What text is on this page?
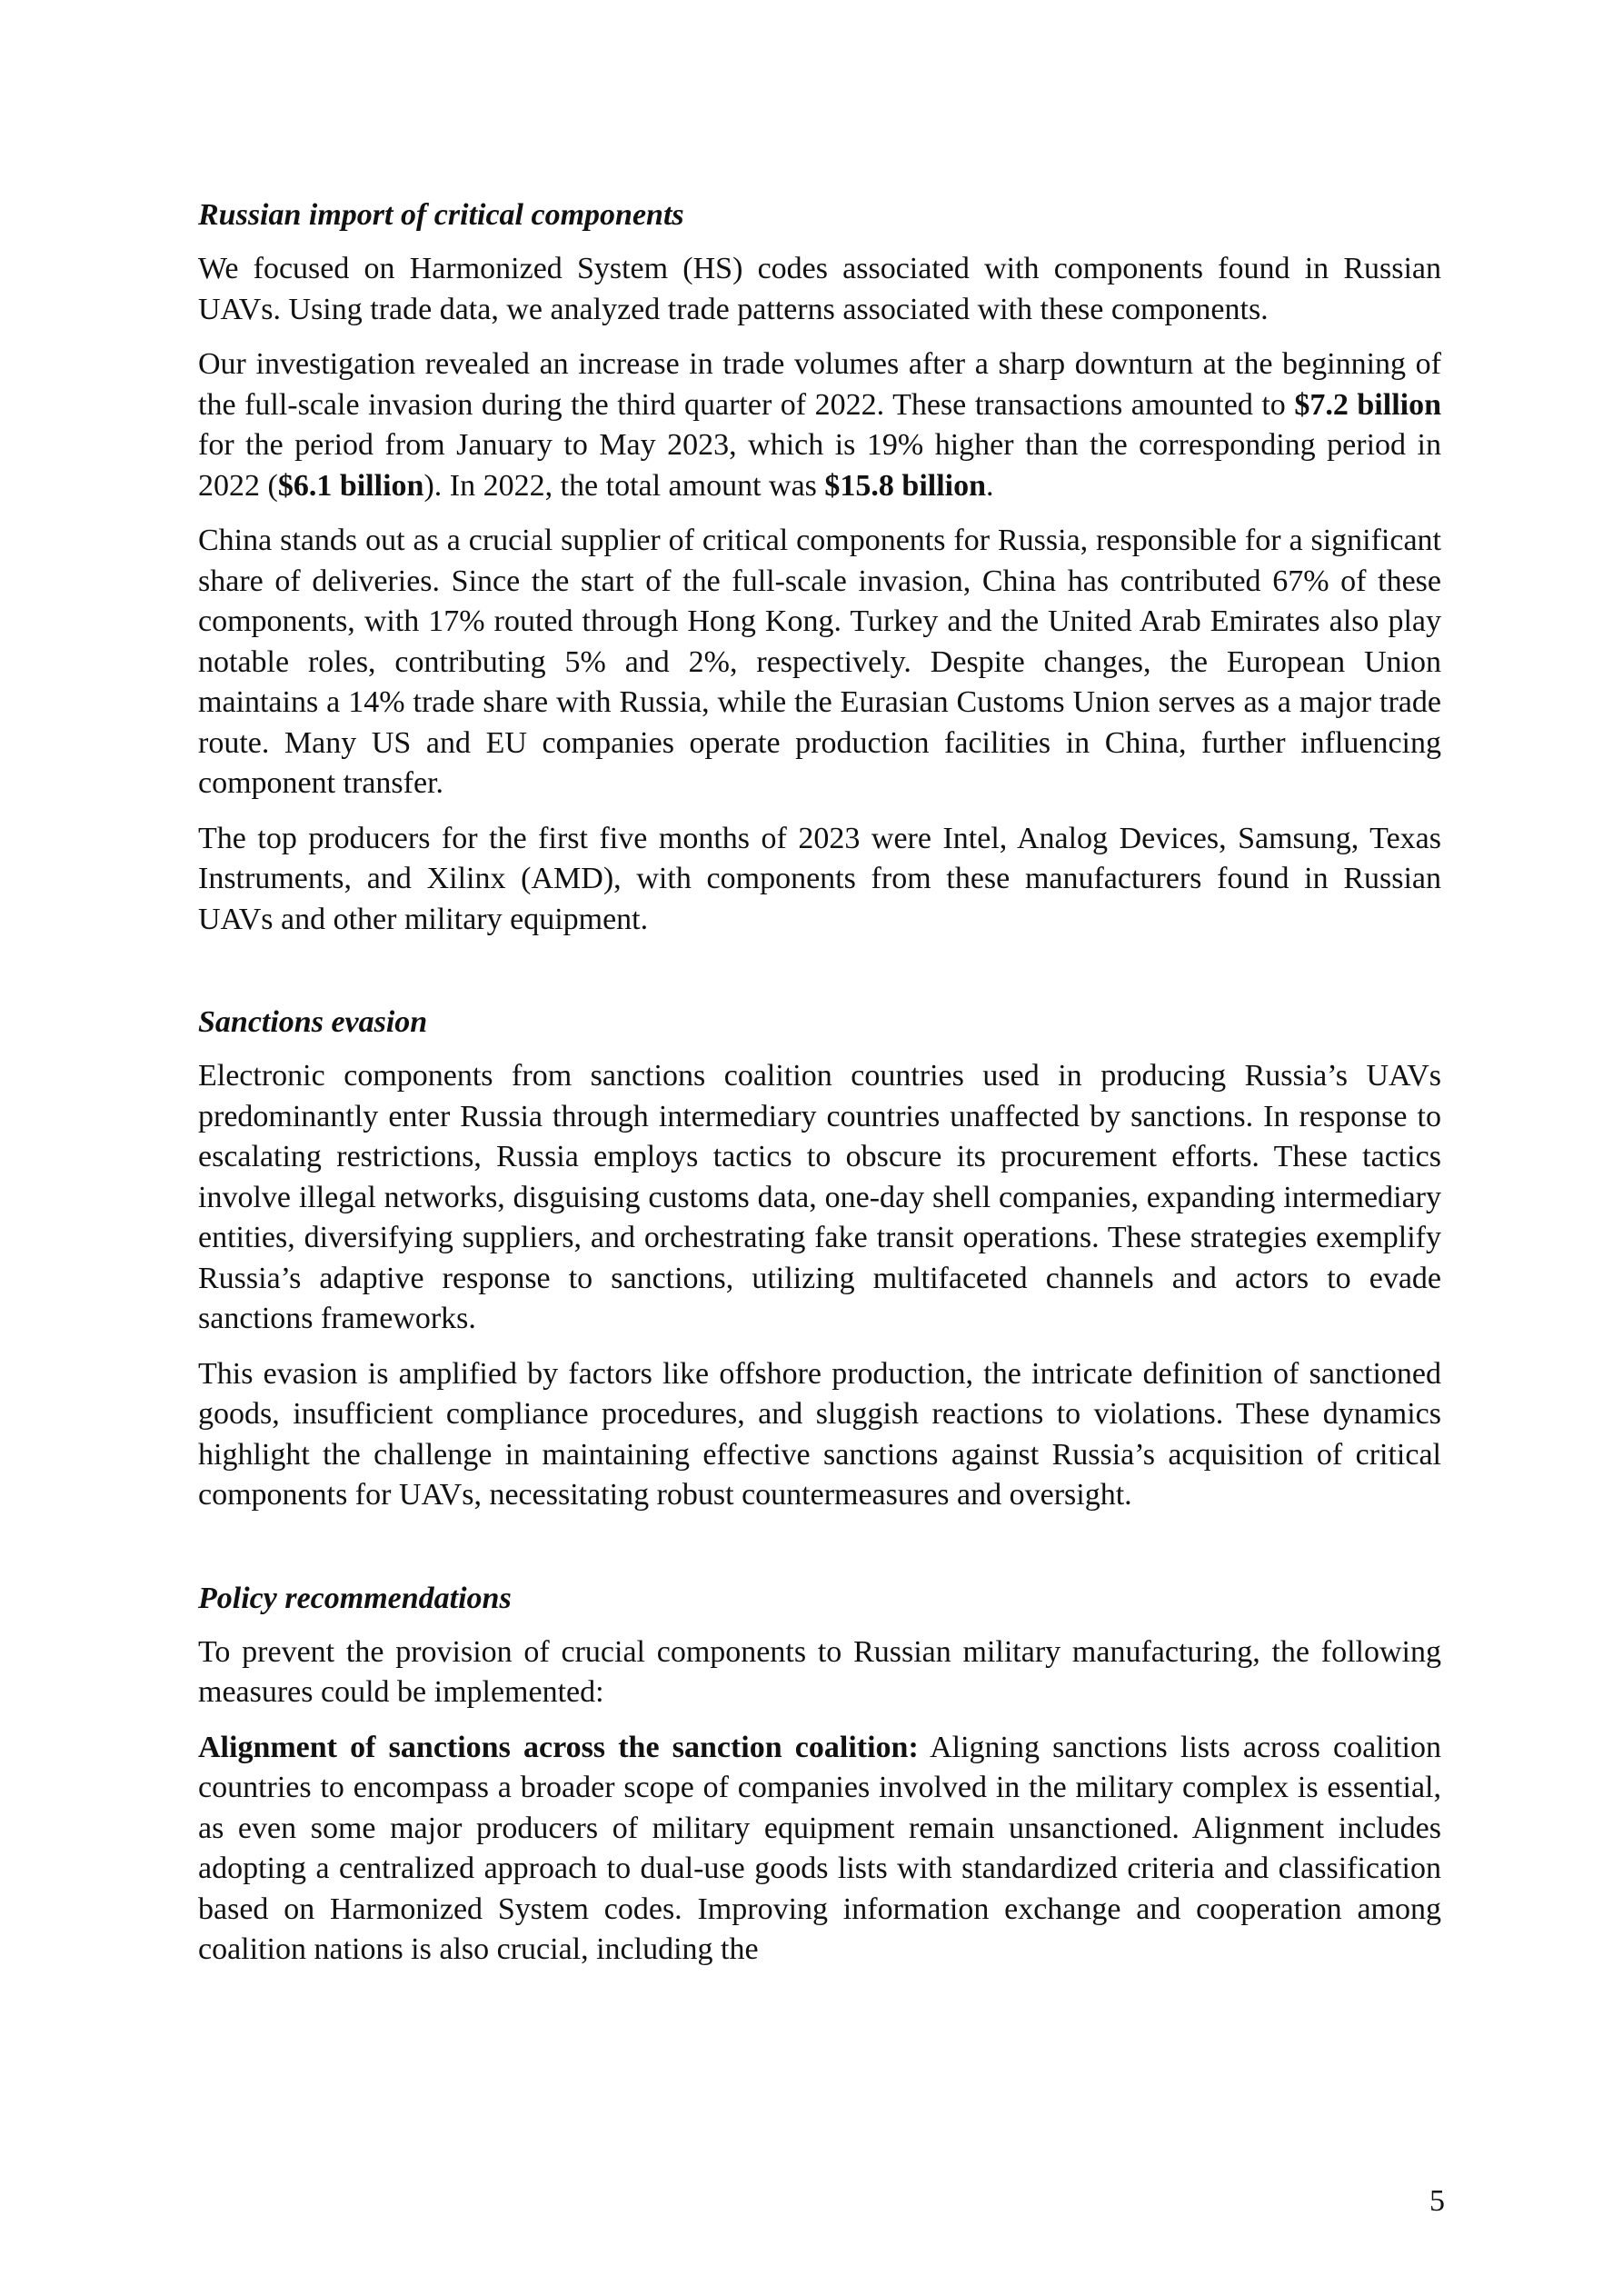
Russian import of critical components

We focused on Harmonized System (HS) codes associated with components found in Russian UAVs. Using trade data, we analyzed trade patterns associated with these components.

Our investigation revealed an increase in trade volumes after a sharp downturn at the beginning of the full-scale invasion during the third quarter of 2022. These transactions amounted to $7.2 billion for the period from January to May 2023, which is 19% higher than the corresponding period in 2022 ($6.1 billion). In 2022, the total amount was $15.8 billion.

China stands out as a crucial supplier of critical components for Russia, responsible for a significant share of deliveries. Since the start of the full-scale invasion, China has contributed 67% of these components, with 17% routed through Hong Kong. Turkey and the United Arab Emirates also play notable roles, contributing 5% and 2%, respectively. Despite changes, the European Union maintains a 14% trade share with Russia, while the Eurasian Customs Union serves as a major trade route. Many US and EU companies operate production facilities in China, further influencing component transfer.

The top producers for the first five months of 2023 were Intel, Analog Devices, Samsung, Texas Instruments, and Xilinx (AMD), with components from these manufacturers found in Russian UAVs and other military equipment.

Sanctions evasion

Electronic components from sanctions coalition countries used in producing Russia’s UAVs predominantly enter Russia through intermediary countries unaffected by sanctions. In response to escalating restrictions, Russia employs tactics to obscure its procurement efforts. These tactics involve illegal networks, disguising customs data, one-day shell companies, expanding intermediary entities, diversifying suppliers, and orchestrating fake transit operations. These strategies exemplify Russia’s adaptive response to sanctions, utilizing multifaceted channels and actors to evade sanctions frameworks.

This evasion is amplified by factors like offshore production, the intricate definition of sanctioned goods, insufficient compliance procedures, and sluggish reactions to violations. These dynamics highlight the challenge in maintaining effective sanctions against Russia’s acquisition of critical components for UAVs, necessitating robust countermeasures and oversight.

Policy recommendations

To prevent the provision of crucial components to Russian military manufacturing, the following measures could be implemented:

Alignment of sanctions across the sanction coalition: Aligning sanctions lists across coalition countries to encompass a broader scope of companies involved in the military complex is essential, as even some major producers of military equipment remain unsanctioned. Alignment includes adopting a centralized approach to dual-use goods lists with standardized criteria and classification based on Harmonized System codes. Improving information exchange and cooperation among coalition nations is also crucial, including the

5
